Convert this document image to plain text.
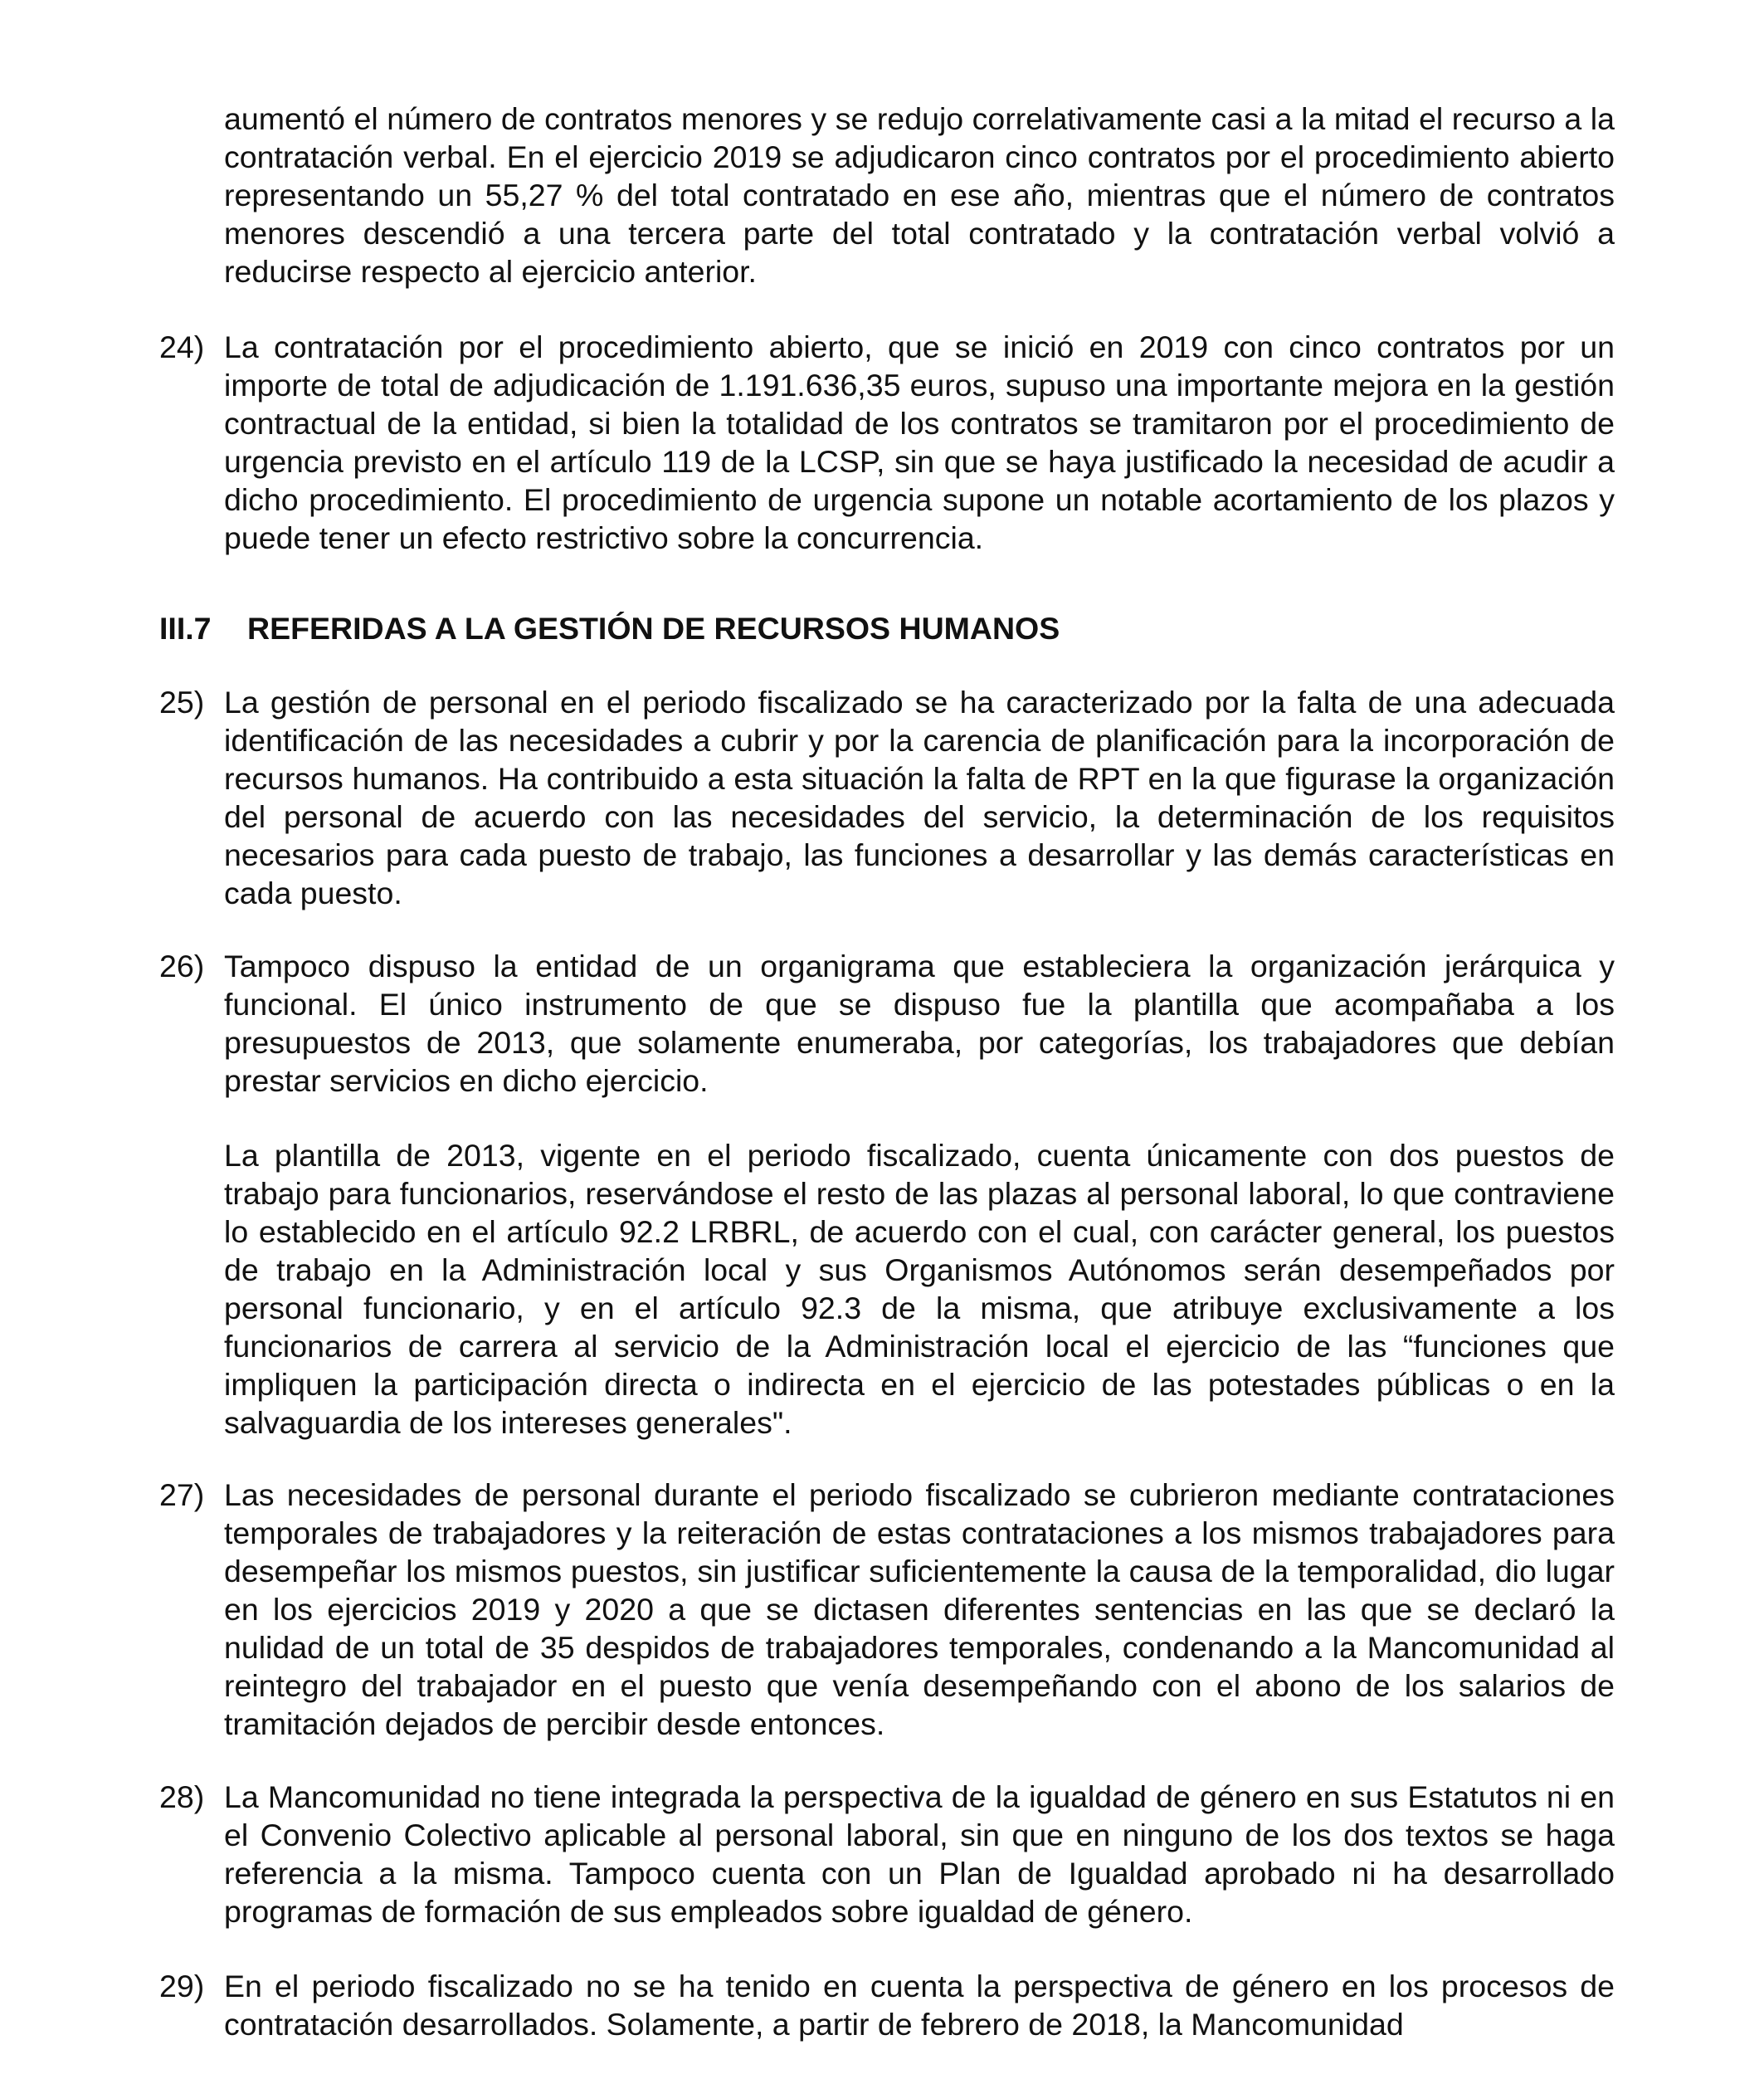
aumentó el número de contratos menores y se redujo correlativamente casi a la mitad el recurso a la contratación verbal. En el ejercicio 2019 se adjudicaron cinco contratos por el procedimiento abierto representando un 55,27 % del total contratado en ese año, mientras que el número de contratos menores descendió a una tercera parte del total contratado y la contratación verbal volvió a reducirse respecto al ejercicio anterior.

24) La contratación por el procedimiento abierto, que se inició en 2019 con cinco contratos por un importe de total de adjudicación de 1.191.636,35 euros, supuso una importante mejora en la gestión contractual de la entidad, si bien la totalidad de los contratos se tramitaron por el procedimiento de urgencia previsto en el artículo 119 de la LCSP, sin que se haya justificado la necesidad de acudir a dicho procedimiento. El procedimiento de urgencia supone un notable acortamiento de los plazos y puede tener un efecto restrictivo sobre la concurrencia.

III.7 REFERIDAS A LA GESTIÓN DE RECURSOS HUMANOS

25) La gestión de personal en el periodo fiscalizado se ha caracterizado por la falta de una adecuada identificación de las necesidades a cubrir y por la carencia de planificación para la incorporación de recursos humanos. Ha contribuido a esta situación la falta de RPT en la que figurase la organización del personal de acuerdo con las necesidades del servicio, la determinación de los requisitos necesarios para cada puesto de trabajo, las funciones a desarrollar y las demás características en cada puesto.

26) Tampoco dispuso la entidad de un organigrama que estableciera la organización jerárquica y funcional. El único instrumento de que se dispuso fue la plantilla que acompañaba a los presupuestos de 2013, que solamente enumeraba, por categorías, los trabajadores que debían prestar servicios en dicho ejercicio.

La plantilla de 2013, vigente en el periodo fiscalizado, cuenta únicamente con dos puestos de trabajo para funcionarios, reservándose el resto de las plazas al personal laboral, lo que contraviene lo establecido en el artículo 92.2 LRBRL, de acuerdo con el cual, con carácter general, los puestos de trabajo en la Administración local y sus Organismos Autónomos serán desempeñados por personal funcionario, y en el artículo 92.3 de la misma, que atribuye exclusivamente a los funcionarios de carrera al servicio de la Administración local el ejercicio de las “funciones que impliquen la participación directa o indirecta en el ejercicio de las potestades públicas o en la salvaguardia de los intereses generales".

27) Las necesidades de personal durante el periodo fiscalizado se cubrieron mediante contrataciones temporales de trabajadores y la reiteración de estas contrataciones a los mismos trabajadores para desempeñar los mismos puestos, sin justificar suficientemente la causa de la temporalidad, dio lugar en los ejercicios 2019 y 2020 a que se dictasen diferentes sentencias en las que se declaró la nulidad de un total de 35 despidos de trabajadores temporales, condenando a la Mancomunidad al reintegro del trabajador en el puesto que venía desempeñando con el abono de los salarios de tramitación dejados de percibir desde entonces.

28) La Mancomunidad no tiene integrada la perspectiva de la igualdad de género en sus Estatutos ni en el Convenio Colectivo aplicable al personal laboral, sin que en ninguno de los dos textos se haga referencia a la misma. Tampoco cuenta con un Plan de Igualdad aprobado ni ha desarrollado programas de formación de sus empleados sobre igualdad de género.

29) En el periodo fiscalizado no se ha tenido en cuenta la perspectiva de género en los procesos de contratación desarrollados. Solamente, a partir de febrero de 2018, la Mancomunidad
